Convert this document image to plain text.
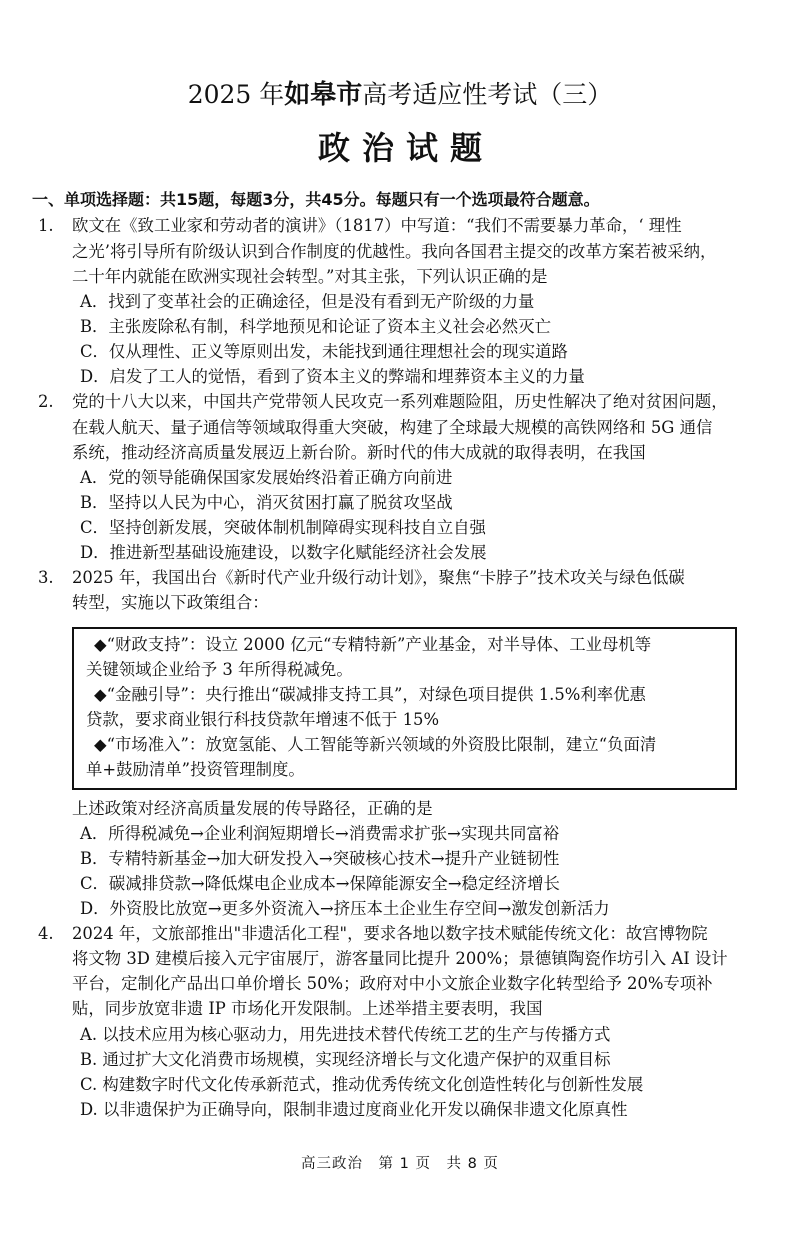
2025 年如皋市高考适应性考试（三）
政治试题
一、单项选择题：共15题，每题3分，共45分。每题只有一个选项最符合题意。
1. 欧文在《致工业家和劳动者的演讲》（1817）中写道：“我们不需要暴力革命，‘ 理性
之光’将引导所有阶级认识到合作制度的优越性。我向各国君主提交的改革方案若被采纳，
二十年内就能在欧洲实现社会转型。”对其主张，下列认识正确的是
A．找到了变革社会的正确途径，但是没有看到无产阶级的力量
B．主张废除私有制，科学地预见和论证了资本主义社会必然灭亡
C．仅从理性、正义等原则出发，未能找到通往理想社会的现实道路
D．启发了工人的觉悟，看到了资本主义的弊端和埋葬资本主义的力量
2. 党的十八大以来，中国共产党带领人民攻克一系列难题险阻，历史性解决了绝对贫困问题，
在载人航天、量子通信等领域取得重大突破，构建了全球最大规模的高铁网络和 5G 通信
系统，推动经济高质量发展迈上新台阶。新时代的伟大成就的取得表明，在我国
A．党的领导能确保国家发展始终沿着正确方向前进
B．坚持以人民为中心，消灭贫困打赢了脱贫攻坚战
C．坚持创新发展，突破体制机制障碍实现科技自立自强
D．推进新型基础设施建设，以数字化赋能经济社会发展
3. 2025 年，我国出台《新时代产业升级行动计划》，聚焦“卡脖子”技术攻关与绿色低碳
转型，实施以下政策组合：
◆“财政支持”：设立 2000 亿元“专精特新”产业基金，对半导体、工业母机等
关键领域企业给予 3 年所得税减免。
◆“金融引导”：央行推出“碳减排支持工具”，对绿色项目提供 1.5%利率优惠
贷款，要求商业银行科技贷款年增速不低于 15%
◆“市场准入”：放宽氢能、人工智能等新兴领域的外资股比限制，建立“负面清
单+鼓励清单”投资管理制度。
上述政策对经济高质量发展的传导路径，正确的是
A．所得税减免→企业利润短期增长→消费需求扩张→实现共同富裕
B．专精特新基金→加大研发投入→突破核心技术→提升产业链韧性
C．碳减排贷款→降低煤电企业成本→保障能源安全→稳定经济增长
D．外资股比放宽→更多外资流入→挤压本土企业生存空间→激发创新活力
4. 2024 年，文旅部推出"非遗活化工程"，要求各地以数字技术赋能传统文化：故宫博物院
将文物 3D 建模后接入元宇宙展厅，游客量同比提升 200%；景德镇陶瓷作坊引入 AI 设计
平台，定制化产品出口单价增长 50%；政府对中小文旅企业数字化转型给予 20%专项补
贴，同步放宽非遗 IP 市场化开发限制。上述举措主要表明，我国
A. 以技术应用为核心驱动力，用先进技术替代传统工艺的生产与传播方式
B. 通过扩大文化消费市场规模，实现经济增长与文化遗产保护的双重目标
C. 构建数字时代文化传承新范式，推动优秀传统文化创造性转化与创新性发展
D. 以非遗保护为正确导向，限制非遗过度商业化开发以确保非遗文化原真性
高三政治　第 1 页　共 8 页
